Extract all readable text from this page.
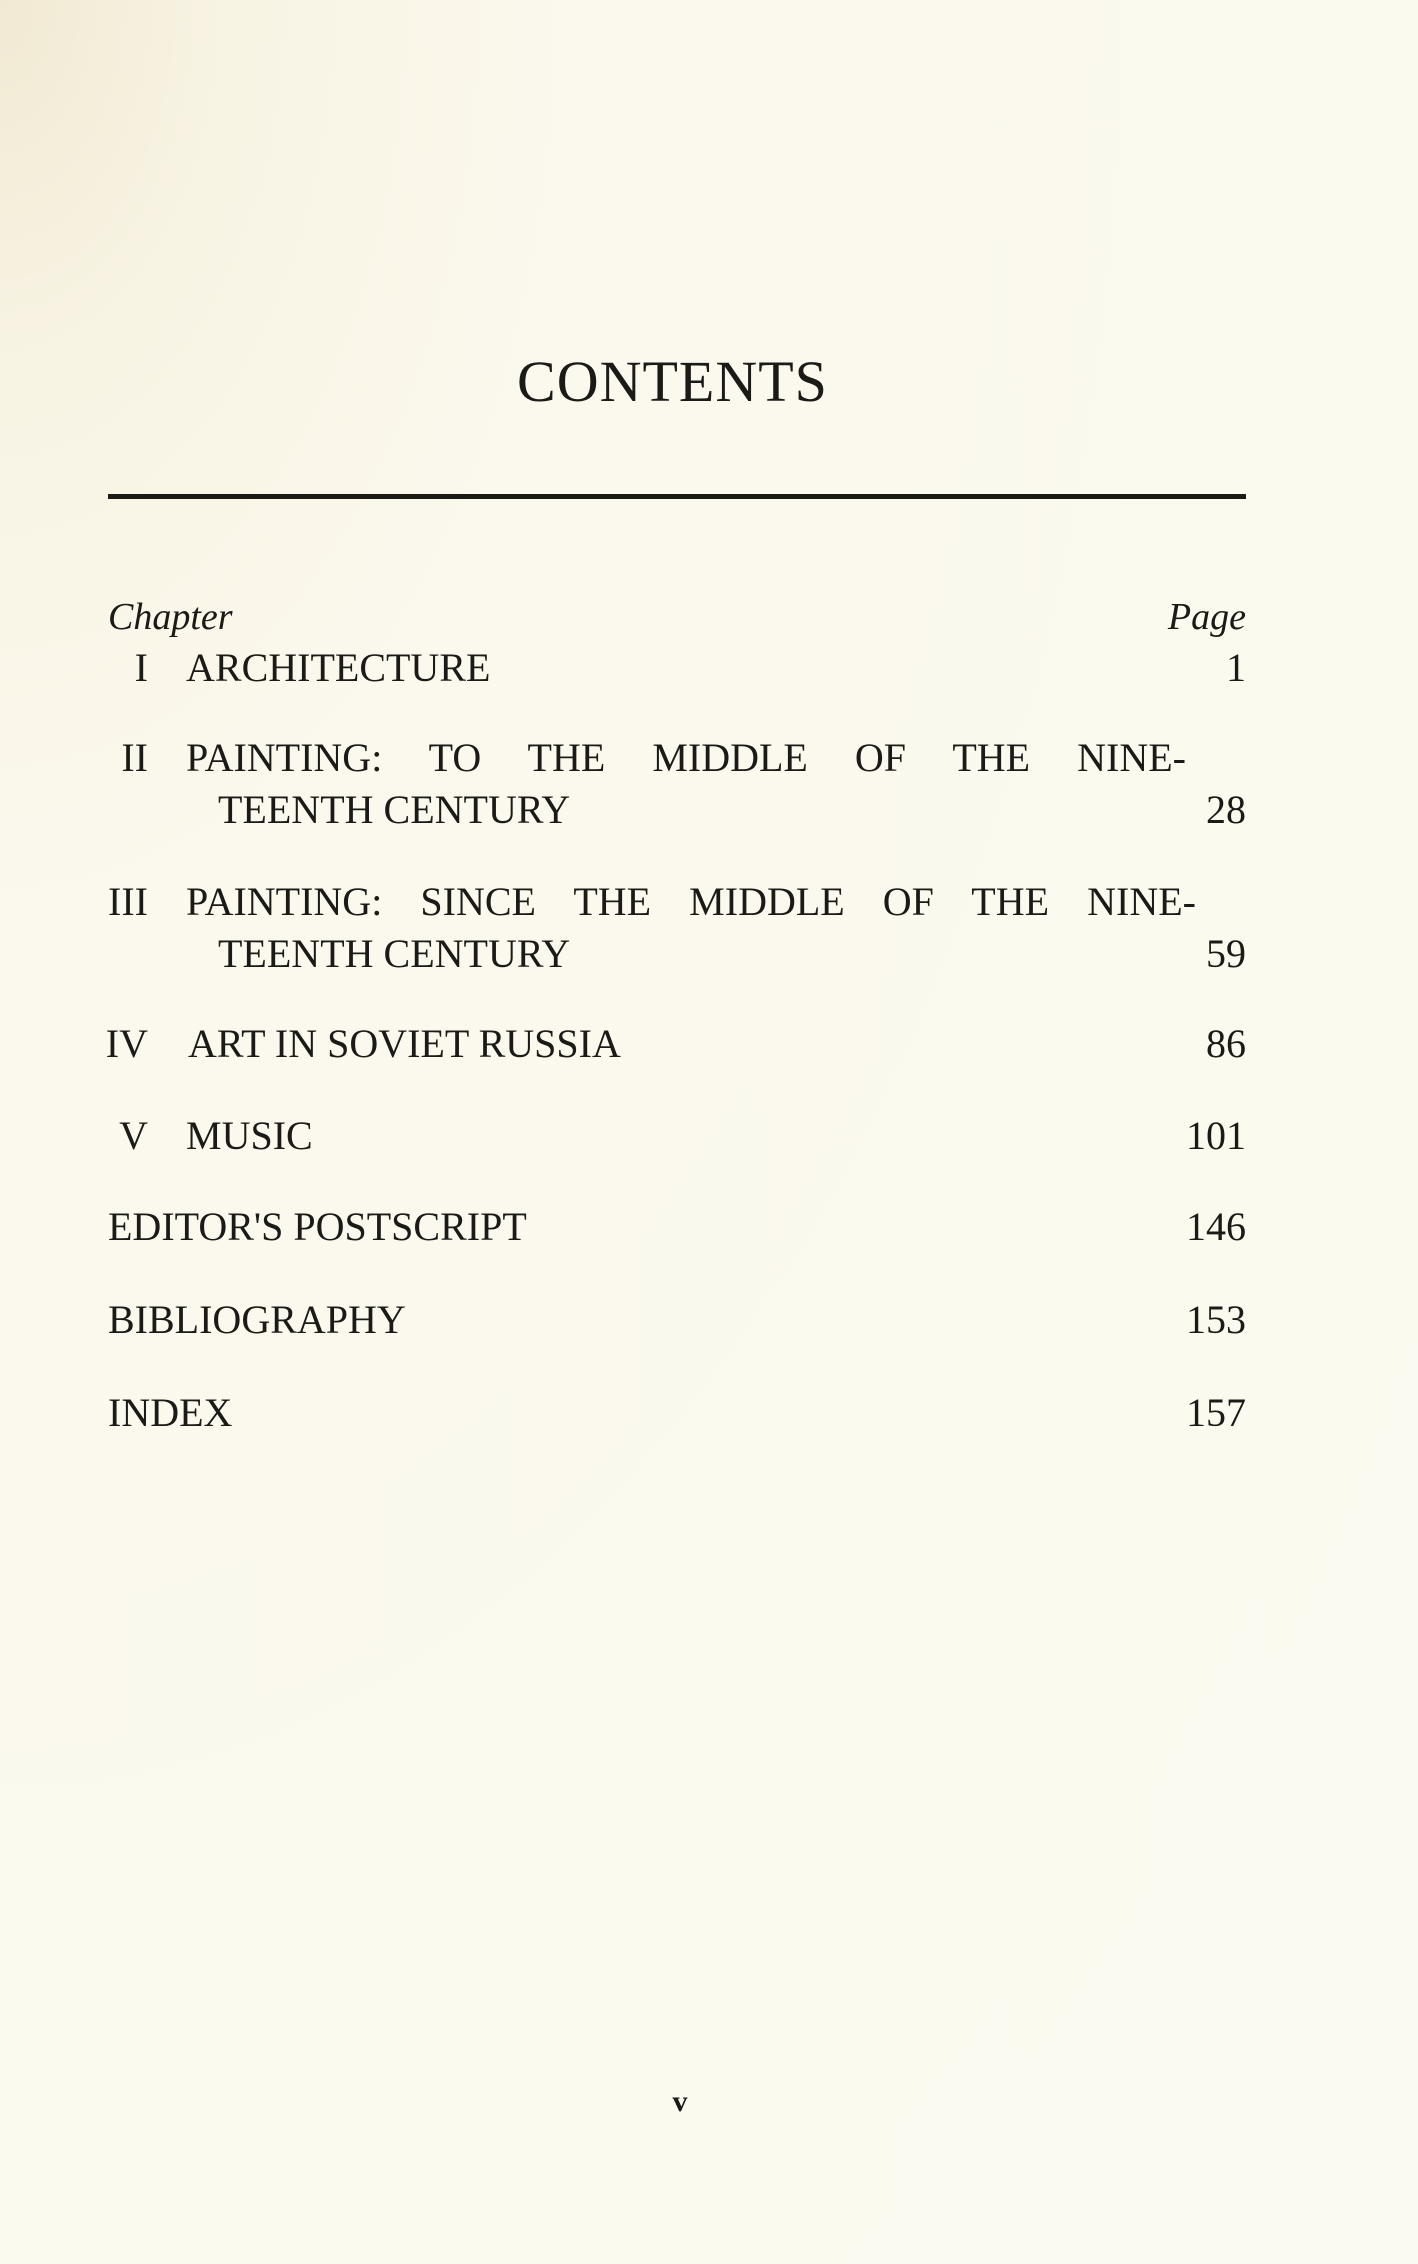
CONTENTS
Chapter	Page
I ARCHITECTURE	1
II PAINTING: TO THE MIDDLE OF THE NINE-
TEENTH CENTURY	28
III PAINTING: SINCE THE MIDDLE OF THE NINE-
TEENTH CENTURY	59
IV ART IN SOVIET RUSSIA	86
V MUSIC	101
EDITOR'S POSTSCRIPT	146
BIBLIOGRAPHY	153
INDEX	157
v
